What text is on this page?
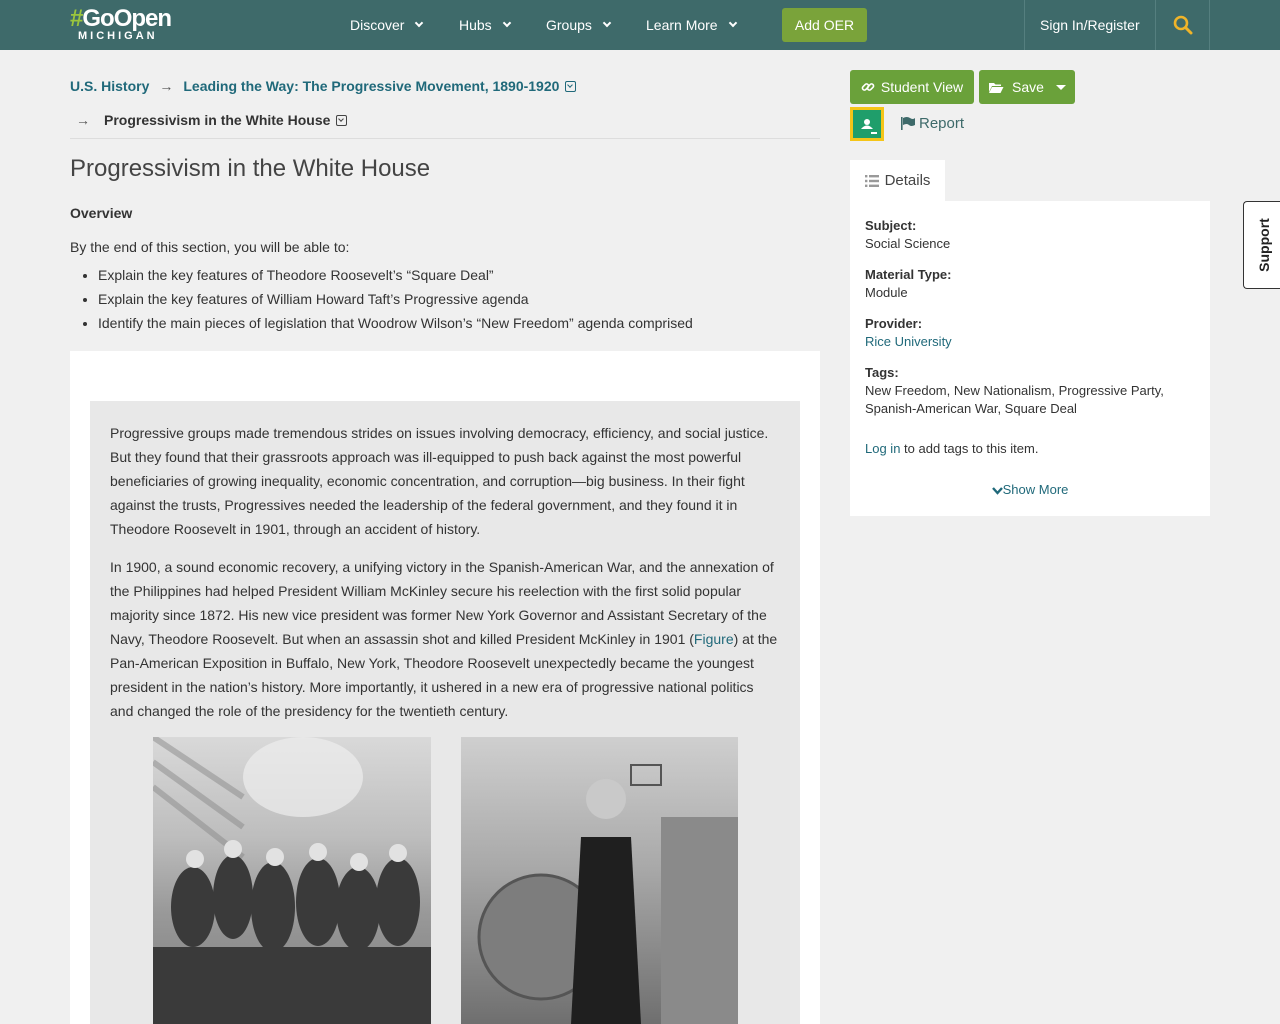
#GoOpen
MICHIGAN
Discover	Hubs	Groups	Learn More	Add OER	Sign In/Register
U.S. History → Leading the Way: The Progressive Movement, 1890-1920
→ Progressivism in the White House
Progressivism in the White House
Overview
By the end of this section, you will be able to:
• Explain the key features of Theodore Roosevelt’s “Square Deal”
• Explain the key features of William Howard Taft’s Progressive agenda
• Identify the main pieces of legislation that Woodrow Wilson’s “New Freedom” agenda comprised

Progressive groups made tremendous strides on issues involving democracy, efficiency, and social justice. But they found that their grassroots approach was ill-equipped to push back against the most powerful beneficiaries of growing inequality, economic concentration, and corruption—big business. In their fight against the trusts, Progressives needed the leadership of the federal government, and they found it in Theodore Roosevelt in 1901, through an accident of history.

In 1900, a sound economic recovery, a unifying victory in the Spanish-American War, and the annexation of the Philippines had helped President William McKinley secure his reelection with the first solid popular majority since 1872. His new vice president was former New York Governor and Assistant Secretary of the Navy, Theodore Roosevelt. But when an assassin shot and killed President McKinley in 1901 (Figure) at the Pan-American Exposition in Buffalo, New York, Theodore Roosevelt unexpectedly became the youngest president in the nation’s history. More importantly, it ushered in a new era of progressive national politics and changed the role of the presidency for the twentieth century.

Student View	Save
Report
Details
Subject:
Social Science
Material Type:
Module
Provider:
Rice University
Tags:
New Freedom, New Nationalism, Progressive Party,
Spanish-American War, Square Deal
Log in to add tags to this item.
Show More
Support
